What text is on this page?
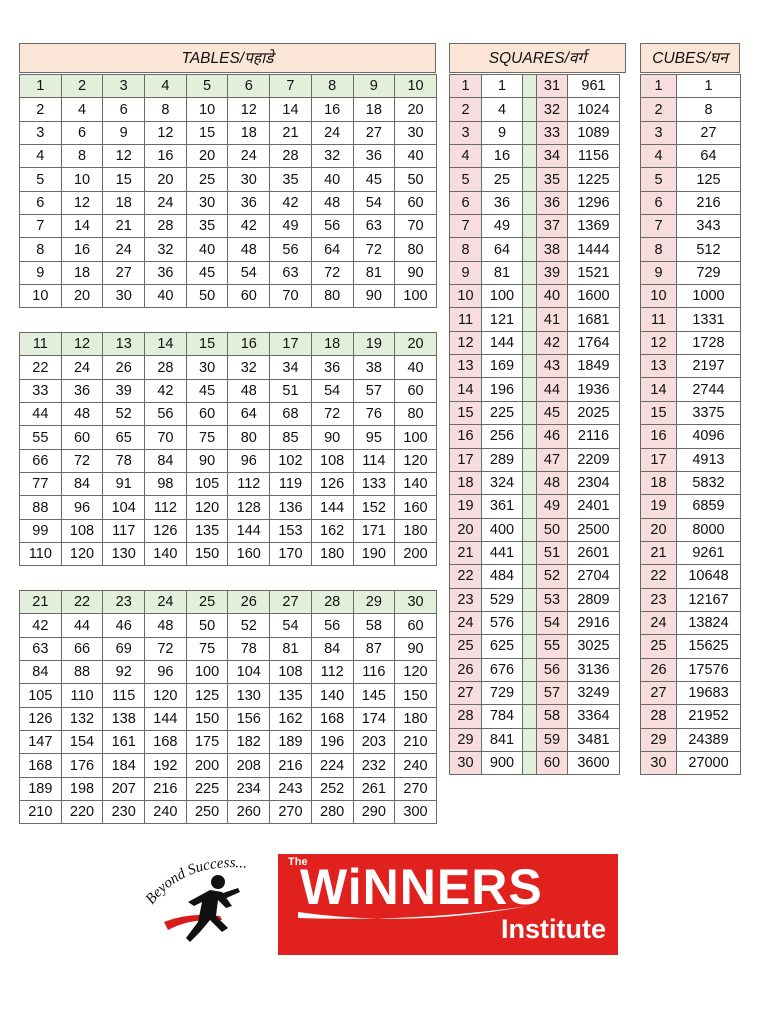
TABLES/पहाडे
1	2	3	4	5	6	7	8	9	10
2	4	6	8	10	12	14	16	18	20
3	6	9	12	15	18	21	24	27	30
4	8	12	16	20	24	28	32	36	40
5	10	15	20	25	30	35	40	45	50
6	12	18	24	30	36	42	48	54	60
7	14	21	28	35	42	49	56	63	70
8	16	24	32	40	48	56	64	72	80
9	18	27	36	45	54	63	72	81	90
10	20	30	40	50	60	70	80	90	100
11	12	13	14	15	16	17	18	19	20
22	24	26	28	30	32	34	36	38	40
33	36	39	42	45	48	51	54	57	60
44	48	52	56	60	64	68	72	76	80
55	60	65	70	75	80	85	90	95	100
66	72	78	84	90	96	102	108	114	120
77	84	91	98	105	112	119	126	133	140
88	96	104	112	120	128	136	144	152	160
99	108	117	126	135	144	153	162	171	180
110	120	130	140	150	160	170	180	190	200
21	22	23	24	25	26	27	28	29	30
42	44	46	48	50	52	54	56	58	60
63	66	69	72	75	78	81	84	87	90
84	88	92	96	100	104	108	112	116	120
105	110	115	120	125	130	135	140	145	150
126	132	138	144	150	156	162	168	174	180
147	154	161	168	175	182	189	196	203	210
168	176	184	192	200	208	216	224	232	240
189	198	207	216	225	234	243	252	261	270
210	220	230	240	250	260	270	280	290	300
SQUARES/वर्ग
1	1		31	961
2	4		32	1024
3	9		33	1089
4	16		34	1156
5	25		35	1225
6	36		36	1296
7	49		37	1369
8	64		38	1444
9	81		39	1521
10	100		40	1600
11	121		41	1681
12	144		42	1764
13	169		43	1849
14	196		44	1936
15	225		45	2025
16	256		46	2116
17	289		47	2209
18	324		48	2304
19	361		49	2401
20	400		50	2500
21	441		51	2601
22	484		52	2704
23	529		53	2809
24	576		54	2916
25	625		55	3025
26	676		56	3136
27	729		57	3249
28	784		58	3364
29	841		59	3481
30	900		60	3600
CUBES/घन
1	1
2	8
3	27
4	64
5	125
6	216
7	343
8	512
9	729
10	1000
11	1331
12	1728
13	2197
14	2744
15	3375
16	4096
17	4913
18	5832
19	6859
20	8000
21	9261
22	10648
23	12167
24	13824
25	15625
26	17576
27	19683
28	21952
29	24389
30	27000
Beyond Success...	The
WiNNERS
Institute
